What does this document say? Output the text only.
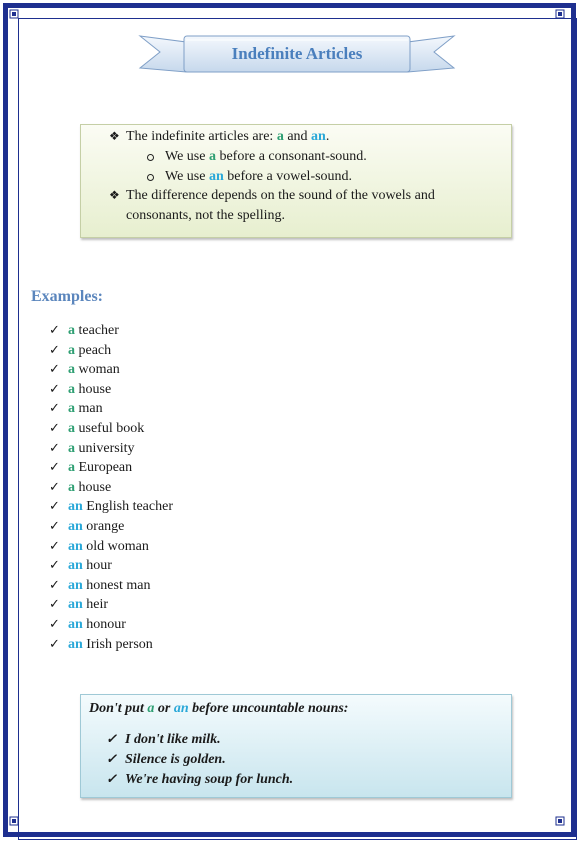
Indefinite Articles
❖ The indefinite articles are: a and an.
We use a before a consonant-sound.
We use an before a vowel-sound.
❖ The difference depends on the sound of the vowels and
consonants, not the spelling.
Examples:
✓ a teacher
✓ a peach
✓ a woman
✓ a house
✓ a man
✓ a useful book
✓ a university
✓ a European
✓ a house
✓ an English teacher
✓ an orange
✓ an old woman
✓ an hour
✓ an honest man
✓ an heir
✓ an honour
✓ an Irish person
Don't put a or an before uncountable nouns:
✓ I don't like milk.
✓ Silence is golden.
✓ We're having soup for lunch.
